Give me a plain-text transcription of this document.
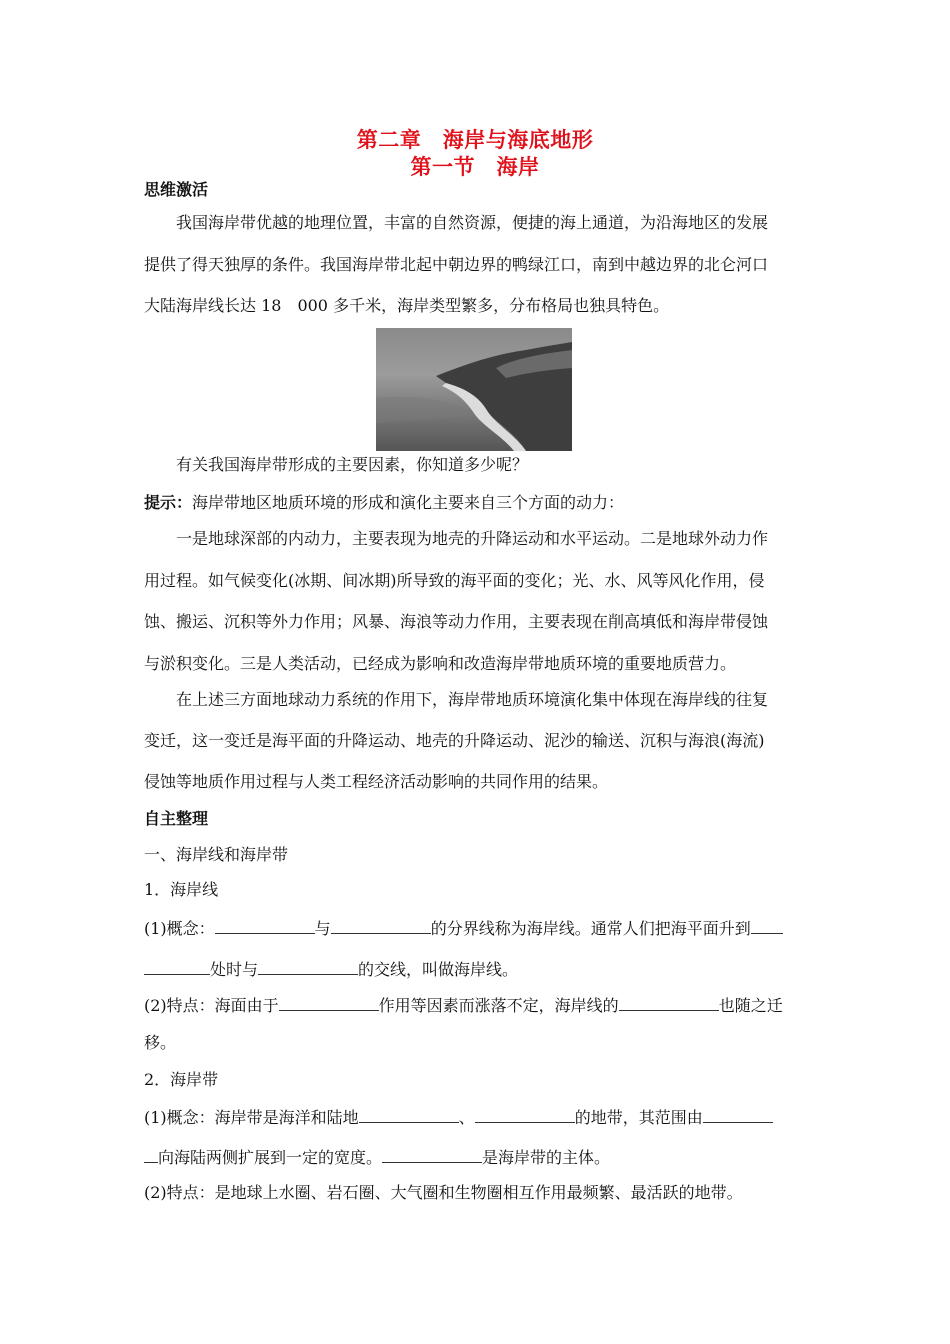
第二章　海岸与海底地形
第一节　海岸
思维激活
我国海岸带优越的地理位置，丰富的自然资源，便捷的海上通道，为沿海地区的发展
提供了得天独厚的条件。我国海岸带北起中朝边界的鸭绿江口，南到中越边界的北仑河口
大陆海岸线长达 18　000 多千米，海岸类型繁多，分布格局也独具特色。
有关我国海岸带形成的主要因素，你知道多少呢？
提示：海岸带地区地质环境的形成和演化主要来自三个方面的动力：
一是地球深部的内动力，主要表现为地壳的升降运动和水平运动。二是地球外动力作
用过程。如气候变化(冰期、间冰期)所导致的海平面的变化；光、水、风等风化作用，侵
蚀、搬运、沉积等外力作用；风暴、海浪等动力作用，主要表现在削高填低和海岸带侵蚀
与淤积变化。三是人类活动，已经成为影响和改造海岸带地质环境的重要地质营力。
在上述三方面地球动力系统的作用下，海岸带地质环境演化集中体现在海岸线的往复
变迁，这一变迁是海平面的升降运动、地壳的升降运动、泥沙的输送、沉积与海浪(海流)
侵蚀等地质作用过程与人类工程经济活动影响的共同作用的结果。
自主整理
一、海岸线和海岸带
1．海岸线
(1)概念：	与	的分界线称为海岸线。通常人们把海平面升到
处时与	的交线，叫做海岸线。
(2)特点：海面由于	作用等因素而涨落不定，海岸线的	也随之迁
移。
2．海岸带
(1)概念：海岸带是海洋和陆地	、	的地带，其范围由
向海陆两侧扩展到一定的宽度。	是海岸带的主体。
(2)特点：是地球上水圈、岩石圈、大气圈和生物圈相互作用最频繁、最活跃的地带。
